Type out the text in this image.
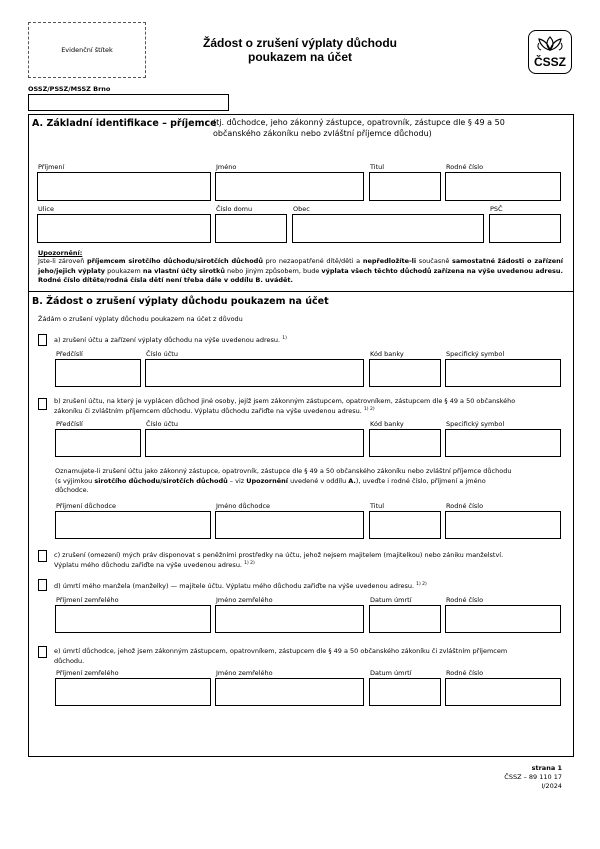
Evidenční štítek	Žádost o zrušení výplaty důchodu
poukazem na účet	ČSSZ
OSSZ/PSSZ/MSSZ Brno
A. Základní identifikace – příjemce
(tj. důchodce, jeho zákonný zástupce, opatrovník, zástupce dle § 49 a 50
občanského zákoníku nebo zvláštní příjemce důchodu)
Příjmení	Jméno	Titul	Rodné číslo
Ulice	Číslo domu	Obec	PSČ
Upozornění:
Jste-li zároveň příjemcem sirotčího důchodu/sirotčích důchodů pro nezaopatřené dítě/děti a nepředložíte-li současně samostatné žádosti o zařízení jeho/jejich výplaty poukazem na vlastní účty sirotků nebo jiným způsobem, bude výplata všech těchto důchodů zařízena na výše uvedenou adresu. Rodné číslo dítěte/rodná čísla dětí není třeba dále v oddílu B. uvádět.
B. Žádost o zrušení výplaty důchodu poukazem na účet
Žádám o zrušení výplaty důchodu poukazem na účet z důvodu
a) zrušení účtu a zařízení výplaty důchodu na výše uvedenou adresu. $^{1)}$
Předčíslí	Číslo účtu	Kód banky	Specifický symbol
b) zrušení účtu, na který je vyplácen důchod jiné osoby, jejíž jsem zákonným zástupcem, opatrovníkem, zástupcem dle § 49 a 50 občanského
zákoníku či zvláštním příjemcem důchodu. Výplatu důchodu zařiďte na výše uvedenou adresu. $^{1) 2)}$
Předčíslí	Číslo účtu	Kód banky	Specifický symbol
Oznamujete-li zrušení účtu jako zákonný zástupce, opatrovník, zástupce dle § 49 a 50 občanského zákoníku nebo zvláštní příjemce důchodu
(s výjimkou sirotčího důchodu/sirotčích důchodů – viz Upozornění uvedené v oddílu A.), uveďte i rodné číslo, příjmení a jméno
důchodce.
Příjmení důchodce	Jméno důchodce	Titul	Rodné číslo
c) zrušení (omezení) mých práv disponovat s peněžními prostředky na účtu, jehož nejsem majitelem (majitelkou) nebo zániku manželství.
Výplatu mého důchodu zařiďte na výše uvedenou adresu. $^{1) 2)}$
d) úmrtí mého manžela (manželky) — majitele účtu. Výplatu mého důchodu zařiďte na výše uvedenou adresu. $^{1) 2)}$
Příjmení zemřelého	Jméno zemřelého	Datum úmrtí	Rodné číslo
e) úmrtí důchodce, jehož jsem zákonným zástupcem, opatrovníkem, zástupcem dle § 49 a 50 občanského zákoníku či zvláštním příjemcem
důchodu.
Příjmení zemřelého	Jméno zemřelého	Datum úmrtí	Rodné číslo
strana 1
ČSSZ – 89 110 17
I/2024
